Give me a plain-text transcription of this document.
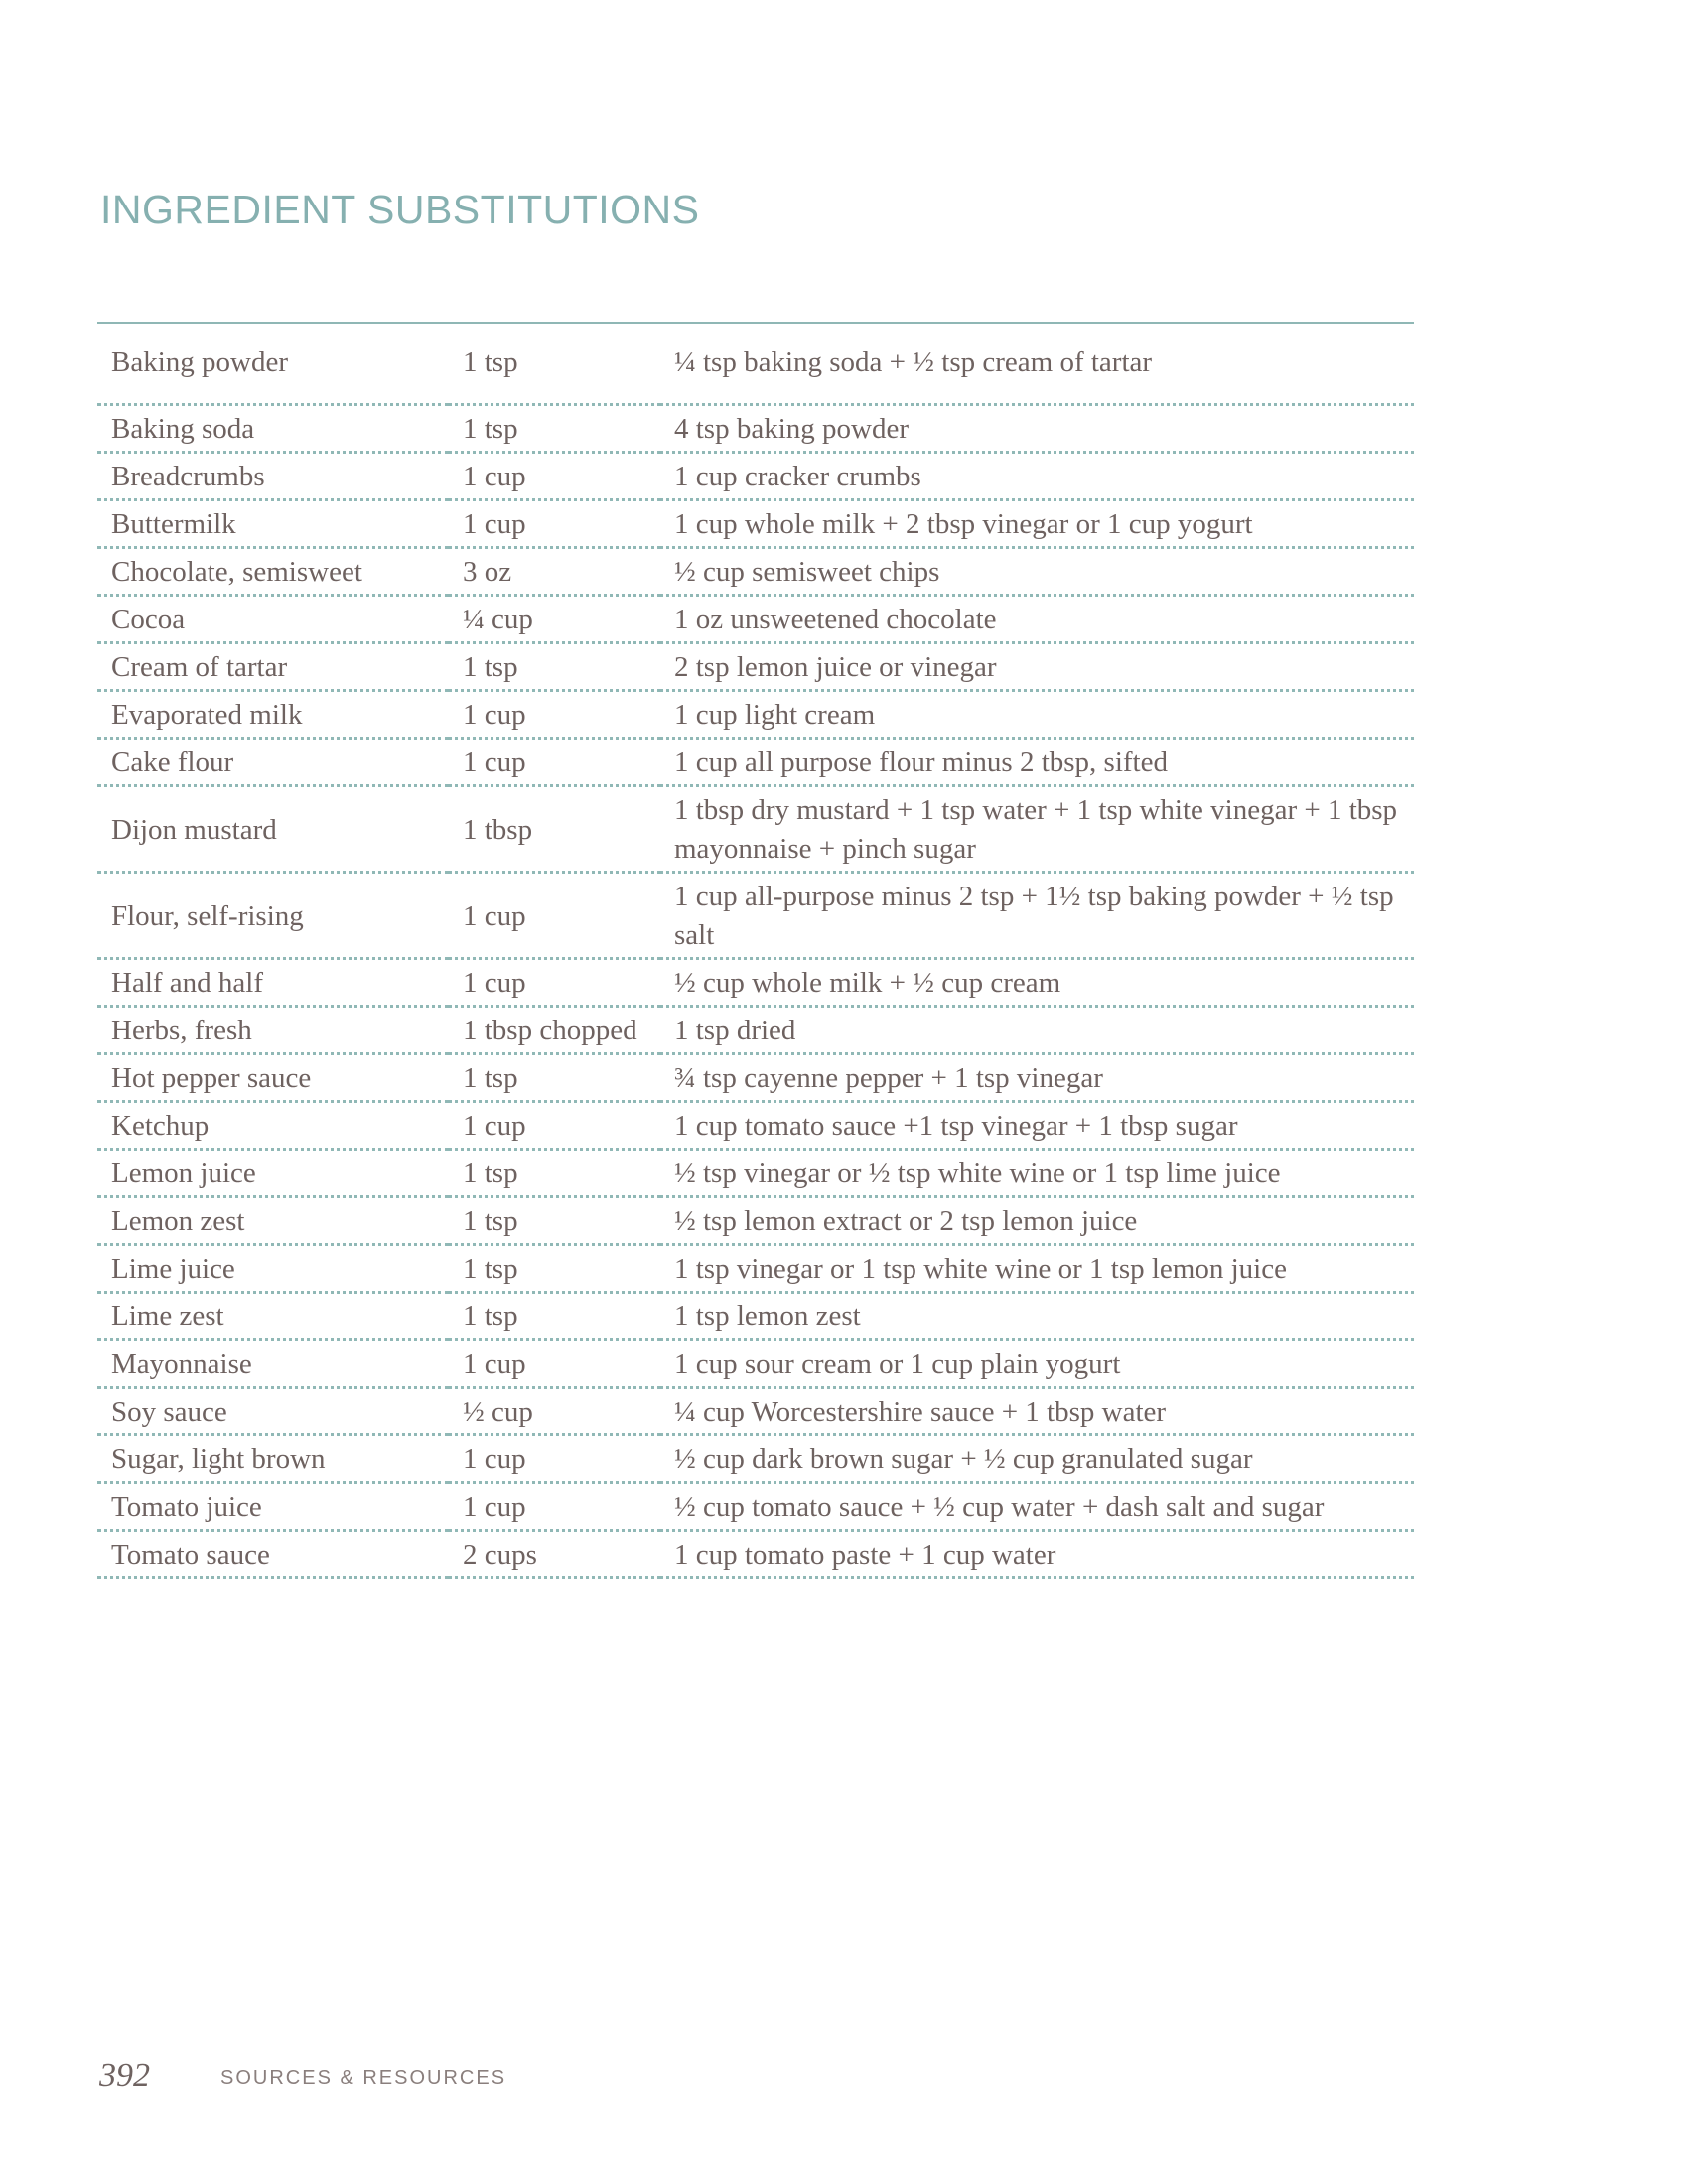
INGREDIENT SUBSTITUTIONS
Baking powder	1 tsp	¼ tsp baking soda + ½ tsp cream of tartar
Baking soda	1 tsp	4 tsp baking powder
Breadcrumbs	1 cup	1 cup cracker crumbs
Buttermilk	1 cup	1 cup whole milk + 2 tbsp vinegar or 1 cup yogurt
Chocolate, semisweet	3 oz	½ cup semisweet chips
Cocoa	¼ cup	1 oz unsweetened chocolate
Cream of tartar	1 tsp	2 tsp lemon juice or vinegar
Evaporated milk	1 cup	1 cup light cream
Cake flour	1 cup	1 cup all purpose flour minus 2 tbsp, sifted
Dijon mustard	1 tbsp	1 tbsp dry mustard + 1 tsp water + 1 tsp white vinegar + 1 tbsp mayonnaise + pinch sugar
Flour, self-rising	1 cup	1 cup all-purpose minus 2 tsp + 1½ tsp baking powder + ½ tsp salt
Half and half	1 cup	½ cup whole milk + ½ cup cream
Herbs, fresh	1 tbsp chopped	1 tsp dried
Hot pepper sauce	1 tsp	¾ tsp cayenne pepper + 1 tsp vinegar
Ketchup	1 cup	1 cup tomato sauce +1 tsp vinegar + 1 tbsp sugar
Lemon juice	1 tsp	½ tsp vinegar or ½ tsp white wine or 1 tsp lime juice
Lemon zest	1 tsp	½ tsp lemon extract or 2 tsp lemon juice
Lime juice	1 tsp	1 tsp vinegar or 1 tsp white wine or 1 tsp lemon juice
Lime zest	1 tsp	1 tsp lemon zest
Mayonnaise	1 cup	1 cup sour cream or 1 cup plain yogurt
Soy sauce	½ cup	¼ cup Worcestershire sauce + 1 tbsp water
Sugar, light brown	1 cup	½ cup dark brown sugar + ½ cup granulated sugar
Tomato juice	1 cup	½ cup tomato sauce + ½ cup water + dash salt and sugar
Tomato sauce	2 cups	1 cup tomato paste + 1 cup water
392	SOURCES & RESOURCES
